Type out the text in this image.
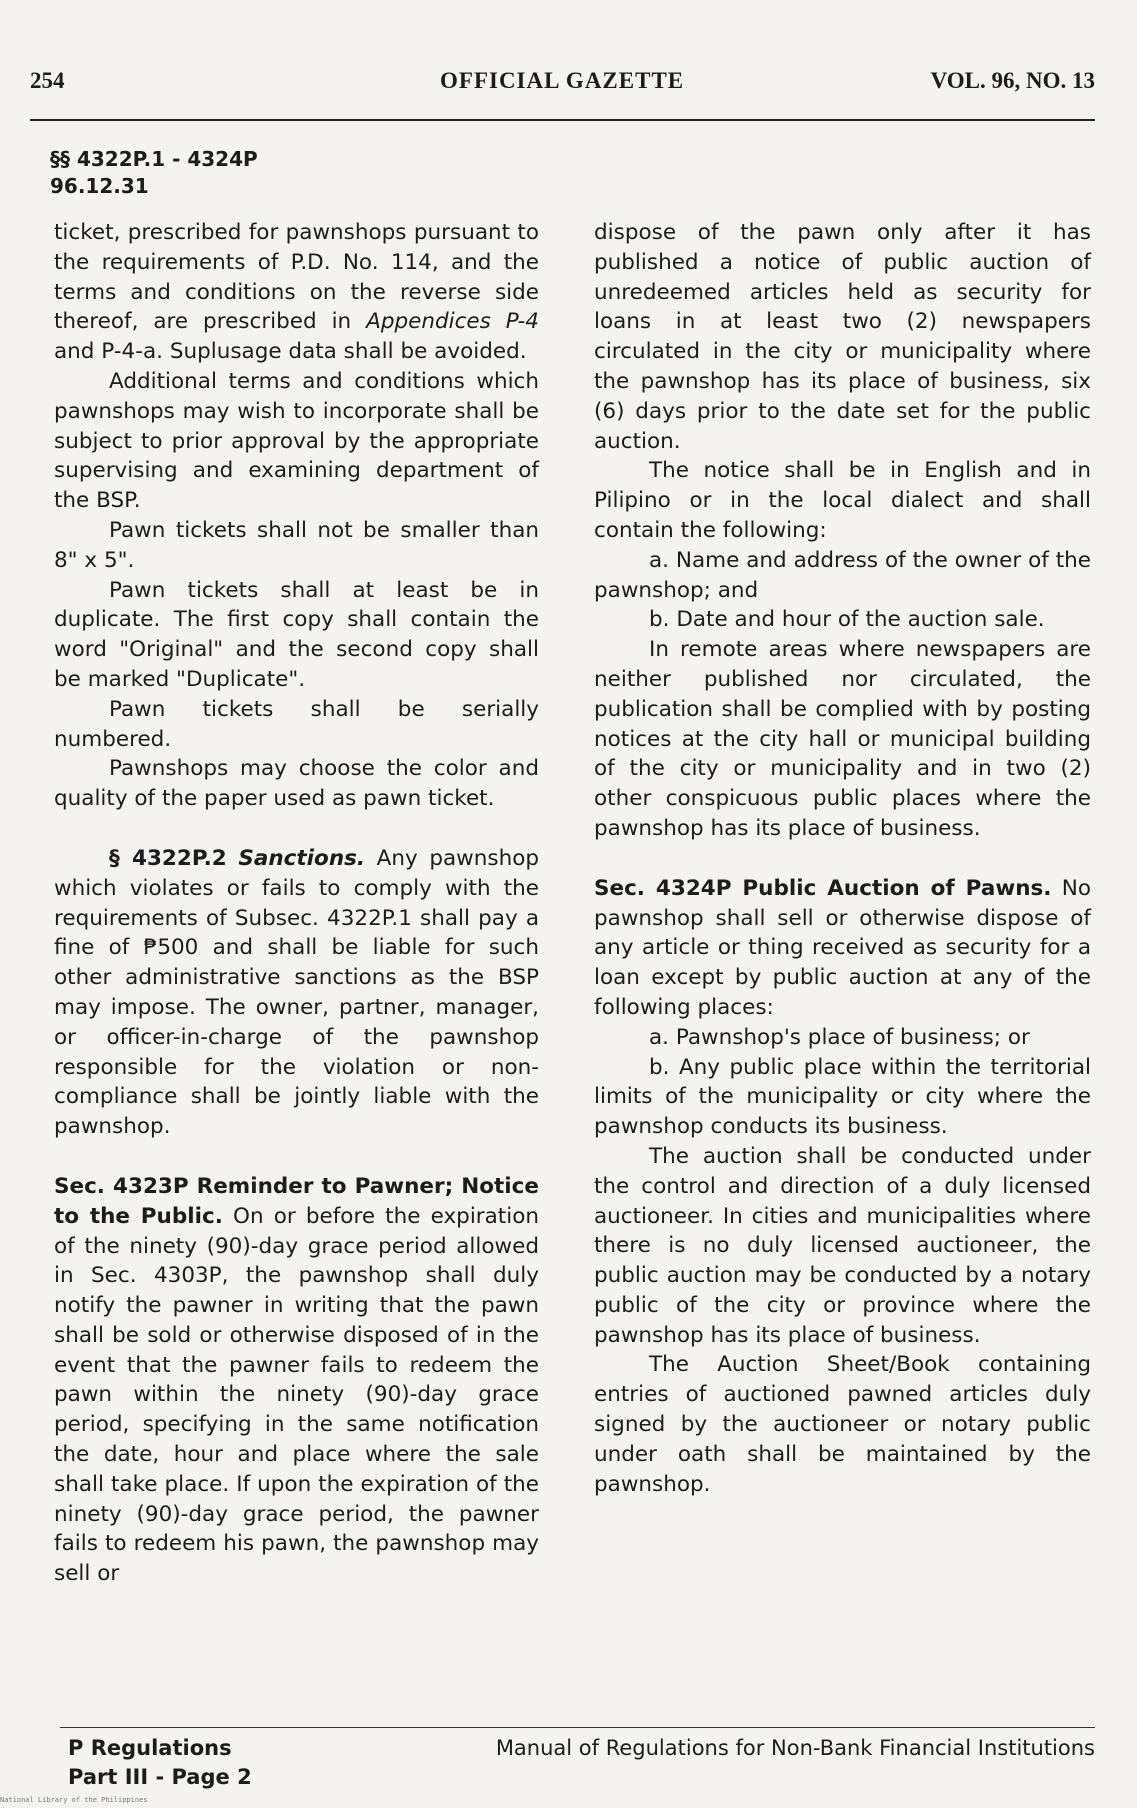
254	OFFICIAL GAZETTE	VOL. 96, NO. 13
§§ 4322P.1 - 4324P
96.12.31

ticket, prescribed for pawnshops pursuant to the requirements of P.D. No. 114, and the terms and conditions on the reverse side thereof, are prescribed in Appendices P-4 and P-4-a. Suplusage data shall be avoided.

Additional terms and conditions which pawnshops may wish to incorporate shall be subject to prior approval by the appropriate supervising and examining department of the BSP.

Pawn tickets shall not be smaller than 8" x 5".

Pawn tickets shall at least be in duplicate. The first copy shall contain the word "Original" and the second copy shall be marked "Duplicate".

Pawn tickets shall be serially numbered.

Pawnshops may choose the color and quality of the paper used as pawn ticket.

§ 4322P.2 Sanctions. Any pawnshop which violates or fails to comply with the requirements of Subsec. 4322P.1 shall pay a fine of ₱500 and shall be liable for such other administrative sanctions as the BSP may impose. The owner, partner, manager, or officer-in-charge of the pawnshop responsible for the violation or non-compliance shall be jointly liable with the pawnshop.

Sec. 4323P Reminder to Pawner; Notice to the Public. On or before the expiration of the ninety (90)-day grace period allowed in Sec. 4303P, the pawnshop shall duly notify the pawner in writing that the pawn shall be sold or otherwise disposed of in the event that the pawner fails to redeem the pawn within the ninety (90)-day grace period, specifying in the same notification the date, hour and place where the sale shall take place. If upon the expiration of the ninety (90)-day grace period, the pawner fails to redeem his pawn, the pawnshop may sell or

dispose of the pawn only after it has published a notice of public auction of unredeemed articles held as security for loans in at least two (2) newspapers circulated in the city or municipality where the pawnshop has its place of business, six (6) days prior to the date set for the public auction.

The notice shall be in English and in Pilipino or in the local dialect and shall contain the following:

a. Name and address of the owner of the pawnshop; and

b. Date and hour of the auction sale.

In remote areas where newspapers are neither published nor circulated, the publication shall be complied with by posting notices at the city hall or municipal building of the city or municipality and in two (2) other conspicuous public places where the pawnshop has its place of business.

Sec. 4324P Public Auction of Pawns. No pawnshop shall sell or otherwise dispose of any article or thing received as security for a loan except by public auction at any of the following places:

a. Pawnshop's place of business; or

b. Any public place within the territorial limits of the municipality or city where the pawnshop conducts its business.

The auction shall be conducted under the control and direction of a duly licensed auctioneer. In cities and municipalities where there is no duly licensed auctioneer, the public auction may be conducted by a notary public of the city or province where the pawnshop has its place of business.

The Auction Sheet/Book containing entries of auctioned pawned articles duly signed by the auctioneer or notary public under oath shall be maintained by the pawnshop.

P Regulations
Part III - Page 2
Manual of Regulations for Non-Bank Financial Institutions
National Library of the Philippines
